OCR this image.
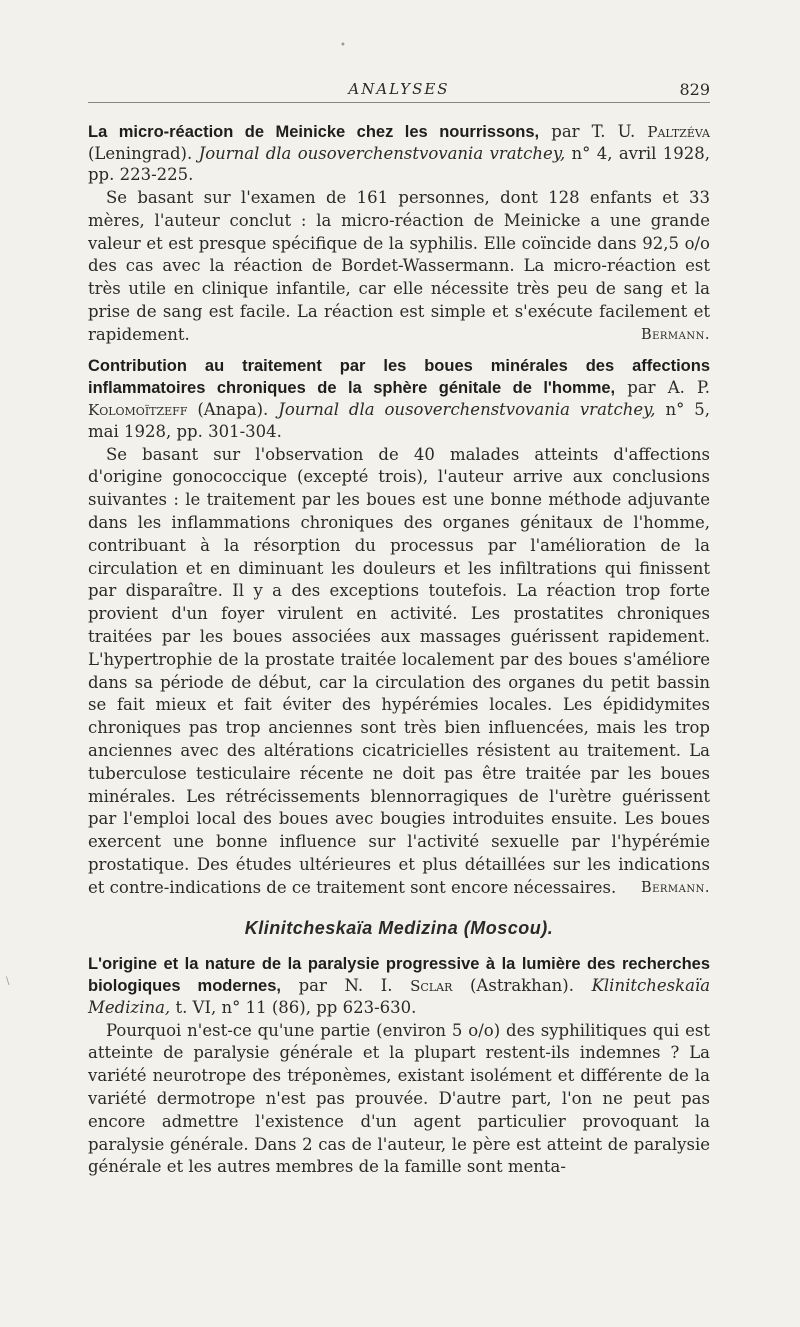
•
\
ANALYSES	829

La micro-réaction de Meinicke chez les nourrissons, par T. U. Paltzéva (Leningrad). Journal dla ousoverchenstvovania vratchey, n° 4, avril 1928, pp. 223-225.

Se basant sur l'examen de 161 personnes, dont 128 enfants et 33 mères, l'auteur conclut : la micro-réaction de Meinicke a une grande valeur et est presque spécifique de la syphilis. Elle coïncide dans 92,5 o/o des cas avec la réaction de Bordet-Wassermann. La micro-réaction est très utile en clinique infantile, car elle nécessite très peu de sang et la prise de sang est facile. La réaction est simple et s'exécute facilement et rapidement.	Bermann.

Contribution au traitement par les boues minérales des affections inflammatoires chroniques de la sphère génitale de l'homme, par A. P. Kolomoïtzeff (Anapa). Journal dla ousoverchenstvovania vratchey, n° 5, mai 1928, pp. 301-304.

Se basant sur l'observation de 40 malades atteints d'affections d'origine gonococcique (excepté trois), l'auteur arrive aux conclusions suivantes : le traitement par les boues est une bonne méthode adjuvante dans les inflammations chroniques des organes génitaux de l'homme, contribuant à la résorption du processus par l'amélioration de la circulation et en diminuant les douleurs et les infiltrations qui finissent par disparaître. Il y a des exceptions toutefois. La réaction trop forte provient d'un foyer virulent en activité. Les prostatites chroniques traitées par les boues associées aux massages guérissent rapidement. L'hypertrophie de la prostate traitée localement par des boues s'améliore dans sa période de début, car la circulation des organes du petit bassin se fait mieux et fait éviter des hypérémies locales. Les épididymites chroniques pas trop anciennes sont très bien influencées, mais les trop anciennes avec des altérations cicatricielles résistent au traitement. La tuberculose testiculaire récente ne doit pas être traitée par les boues minérales. Les rétrécissements blennorragiques de l'urètre guérissent par l'emploi local des boues avec bougies introduites ensuite. Les boues exercent une bonne influence sur l'activité sexuelle par l'hypérémie prostatique. Des études ultérieures et plus détaillées sur les indications et contre-indications de ce traitement sont encore nécessaires.	Bermann.

Klinitcheskaïa Medizina (Moscou).

L'origine et la nature de la paralysie progressive à la lumière des recherches biologiques modernes, par N. I. Sclar (Astrakhan). Klinitcheskaïa Medizina, t. VI, n° 11 (86), pp 623-630.

Pourquoi n'est-ce qu'une partie (environ 5 o/o) des syphilitiques qui est atteinte de paralysie générale et la plupart restent-ils indemnes ? La variété neurotrope des tréponèmes, existant isolément et différente de la variété dermotrope n'est pas prouvée. D'autre part, l'on ne peut pas encore admettre l'existence d'un agent particulier provoquant la paralysie générale. Dans 2 cas de l'auteur, le père est atteint de paralysie générale et les autres membres de la famille sont menta-
